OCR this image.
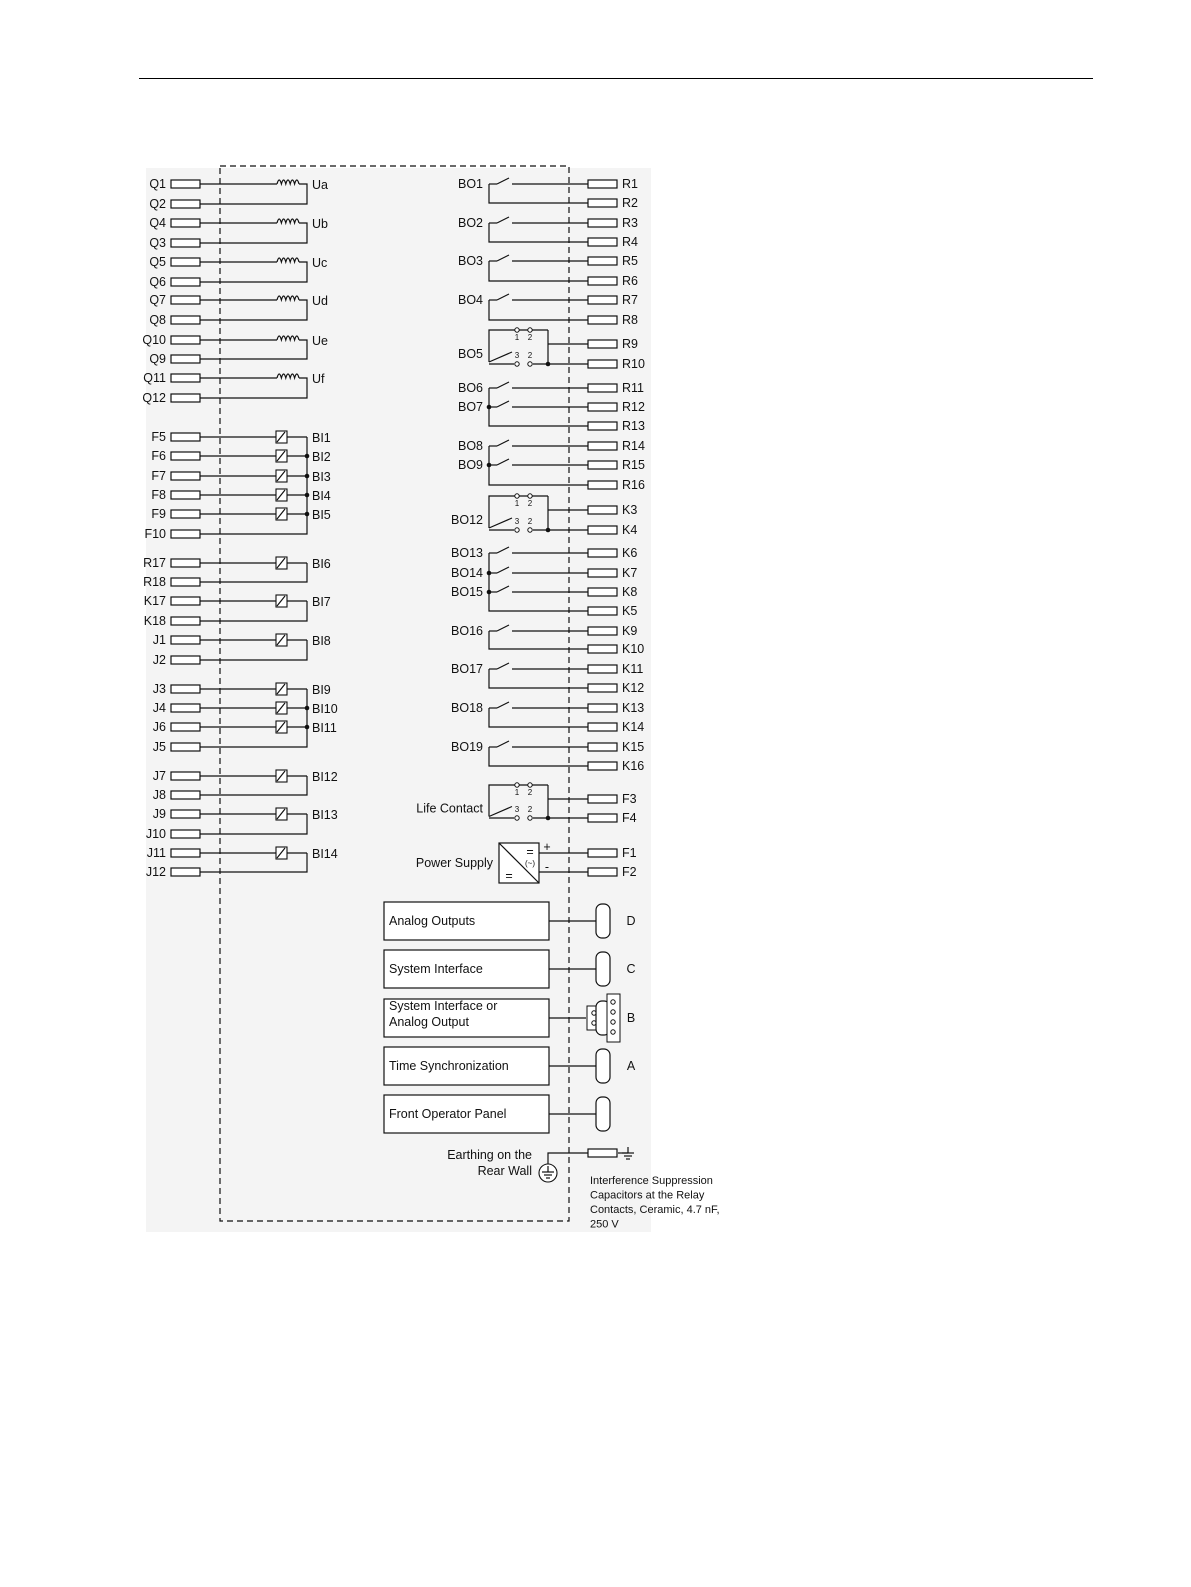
Q1
Q2
Ua
Q4
Q3
Ub
Q5
Q6
Uc
Q7
Q8
Ud
Q10
Q9
Ue
Q11
Q12
Uf
F5
F6
F7
F8
F9
F10
BI1
BI2
BI3
BI4
BI5
R17
R18
BI6
K17
K18
BI7
J1
J2
BI8
J3
J4
J6
J5
BI9
BI10
BI11
J7
J8
BI12
J9
J10
BI13
J11
J12
BI14
R1
R2
R3
R4
R5
R6
R7
R8
R9
R10
R11
R12
R13
R14
R15
R16
K3
K4
K6
K7
K8
K5
K9
K10
K11
K12
K13
K14
K15
K16
BO1
BO2
BO3
BO4
BO6
BO7
BO8
BO9
BO13
BO14
BO15
BO16
BO17
BO18
BO19
BO5
1 2
3 2
BO12
1 2
3 2
F3
F4
Life Contact
1 2
3 2
=
(~)
=
Power Supply
+
-
F1
F2
Analog Outputs	D
System Interface	C
System Interface or
Analog Output	B
Time Synchronization	A
Front Operator Panel
Earthing on the
Rear Wall
Interference Suppression
Capacitors at the Relay
Contacts, Ceramic, 4.7 nF,
250 V
